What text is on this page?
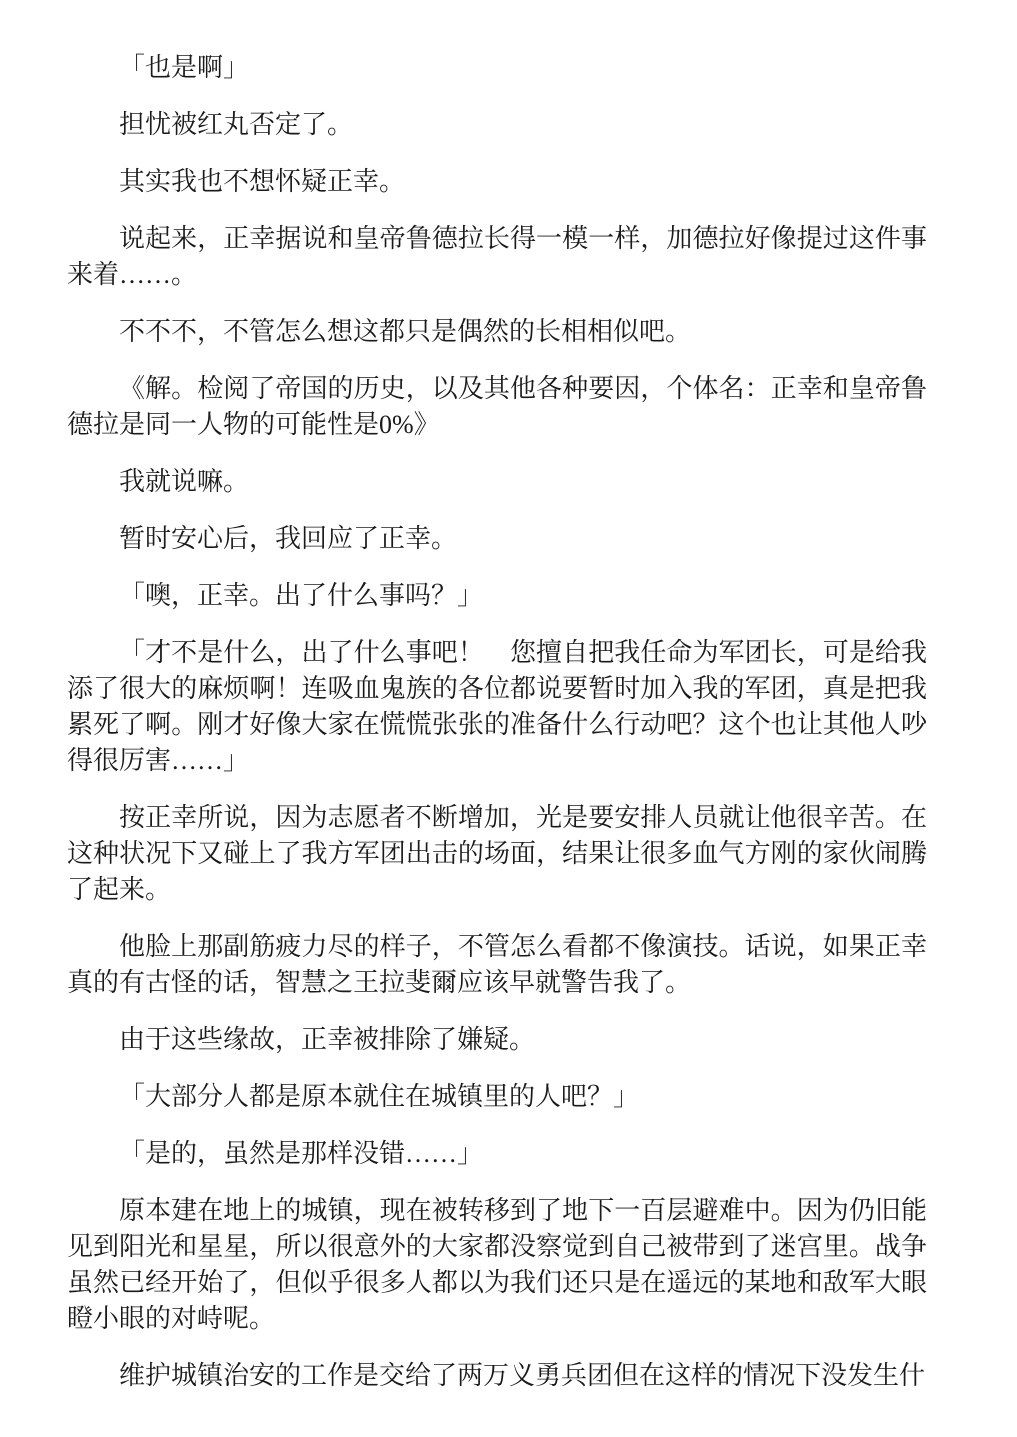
「也是啊」

担忧被红丸否定了。

其实我也不想怀疑正幸。

说起来，正幸据说和皇帝鲁德拉长得一模一样，加德拉好像提过这件事来着……。

不不不，不管怎么想这都只是偶然的长相相似吧。

《解。检阅了帝国的历史，以及其他各种要因，个体名：正幸和皇帝鲁德拉是同一人物的可能性是0%》

我就说嘛。

暂时安心后，我回应了正幸。

「噢，正幸。出了什么事吗？」

「才不是什么，出了什么事吧！　您擅自把我任命为军团长，可是给我添了很大的麻烦啊！连吸血鬼族的各位都说要暂时加入我的军团，真是把我累死了啊。刚才好像大家在慌慌张张的准备什么行动吧？这个也让其他人吵得很厉害……」

按正幸所说，因为志愿者不断增加，光是要安排人员就让他很辛苦。在这种状况下又碰上了我方军团出击的场面，结果让很多血气方刚的家伙闹腾了起来。

他脸上那副筋疲力尽的样子，不管怎么看都不像演技。话说，如果正幸真的有古怪的话，智慧之王拉斐爾应该早就警告我了。

由于这些缘故，正幸被排除了嫌疑。

「大部分人都是原本就住在城镇里的人吧？」

「是的，虽然是那样没错……」

原本建在地上的城镇，现在被转移到了地下一百层避难中。因为仍旧能见到阳光和星星，所以很意外的大家都没察觉到自己被带到了迷宫里。战争虽然已经开始了，但似乎很多人都以为我们还只是在遥远的某地和敌军大眼瞪小眼的对峙呢。

维护城镇治安的工作是交给了两万义勇兵团但在这样的情况下没发生什
